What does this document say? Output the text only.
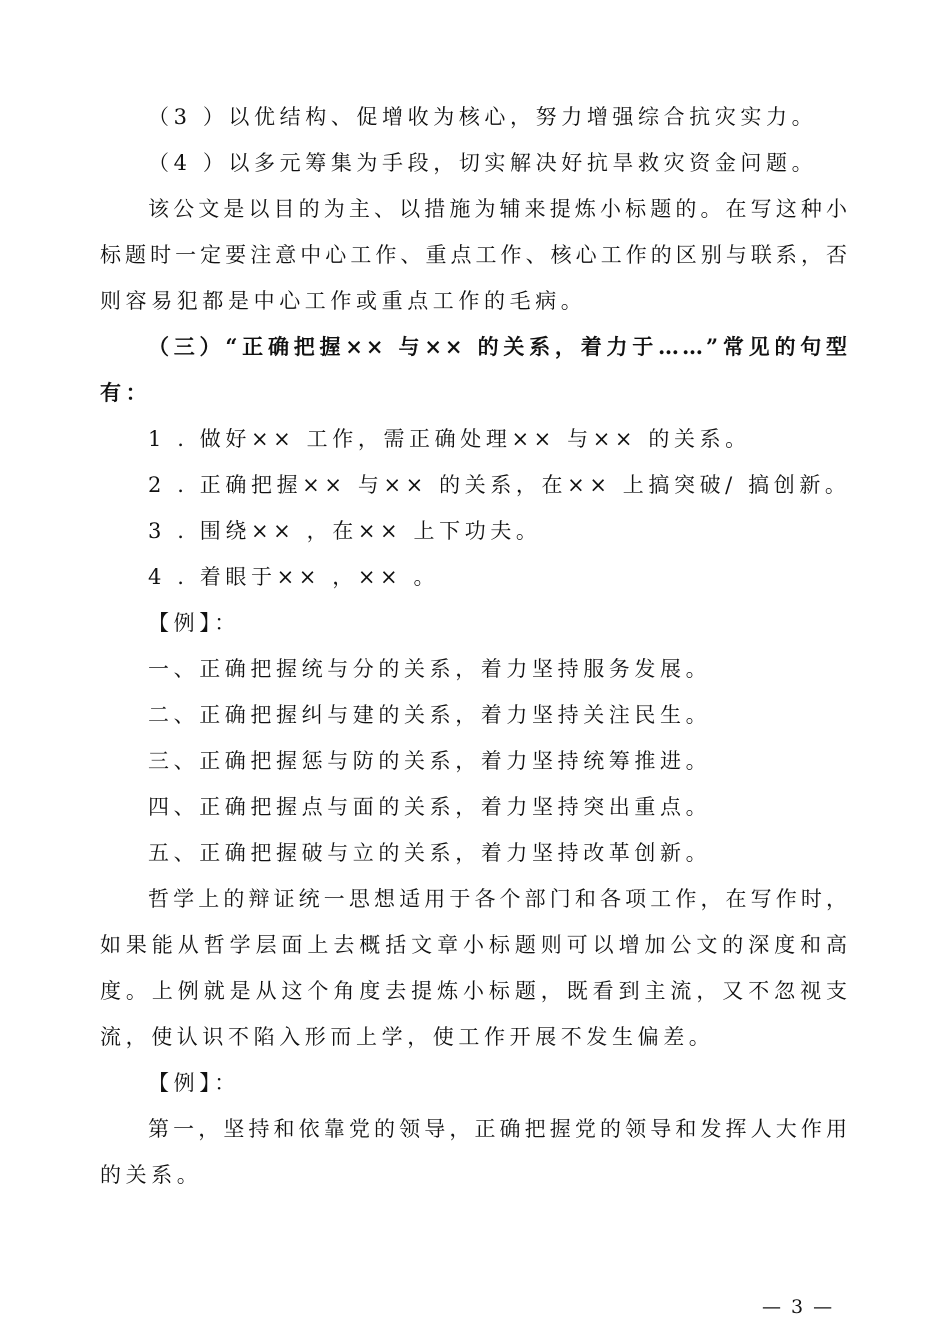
（3 ）以优结构、促增收为核心，努力增强综合抗灾实力。
（4 ）以多元筹集为手段，切实解决好抗旱救灾资金问题。
该公文是以目的为主、以措施为辅来提炼小标题的。在写这种小
标题时一定要注意中心工作、重点工作、核心工作的区别与联系，否
则容易犯都是中心工作或重点工作的毛病。
（三）“正确把握×× 与×× 的关系，着力于……”常见的句型
有：
1 . 做好×× 工作，需正确处理×× 与×× 的关系。
2 . 正确把握×× 与×× 的关系，在×× 上搞突破/ 搞创新。
3 . 围绕×× ，在×× 上下功夫。
4 . 着眼于×× ，×× 。
【例】：
一、正确把握统与分的关系，着力坚持服务发展。
二、正确把握纠与建的关系，着力坚持关注民生。
三、正确把握惩与防的关系，着力坚持统筹推进。
四、正确把握点与面的关系，着力坚持突出重点。
五、正确把握破与立的关系，着力坚持改革创新。
哲学上的辩证统一思想适用于各个部门和各项工作，在写作时，
如果能从哲学层面上去概括文章小标题则可以增加公文的深度和高
度。上例就是从这个角度去提炼小标题，既看到主流，又不忽视支
流，使认识不陷入形而上学，使工作开展不发生偏差。
【例】：
第一，坚持和依靠党的领导，正确把握党的领导和发挥人大作用
的关系。
— 3 —
